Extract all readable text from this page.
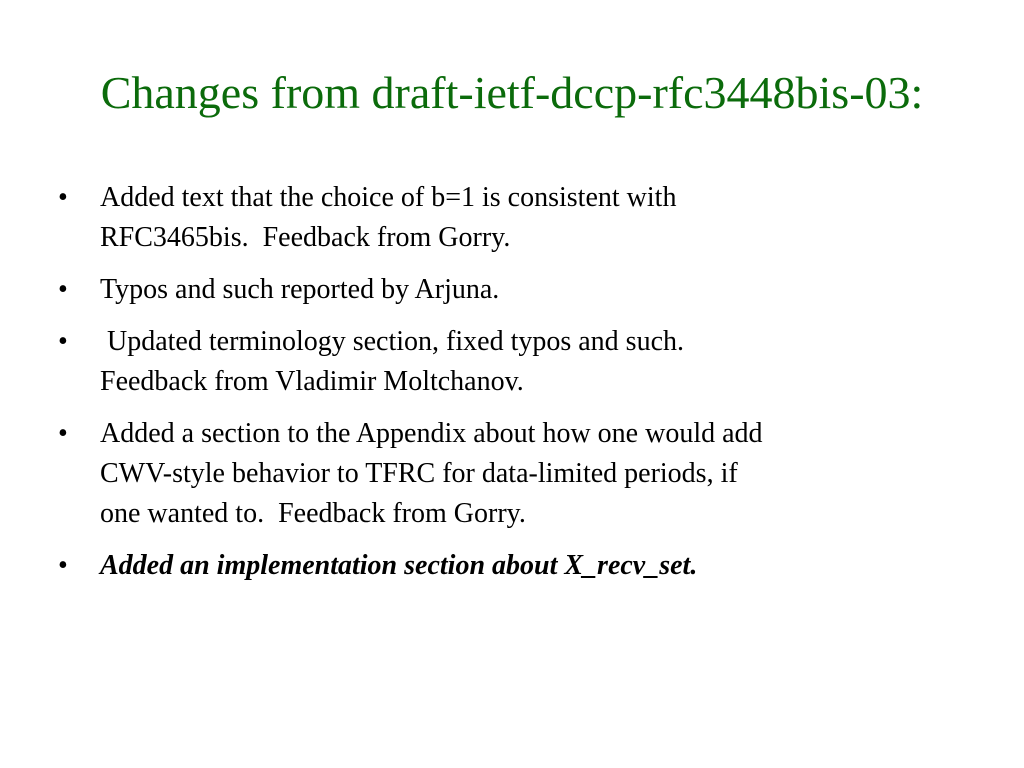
Changes from draft-ietf-dccp-rfc3448bis-03:
•	Added text that the choice of b=1 is consistent with
RFC3465bis.  Feedback from Gorry.
•	Typos and such reported by Arjuna.
•	Updated terminology section, fixed typos and such.
Feedback from Vladimir Moltchanov.
•	Added a section to the Appendix about how one would add
CWV-style behavior to TFRC for data-limited periods, if
one wanted to.  Feedback from Gorry.
•	Added an implementation section about X_recv_set.
